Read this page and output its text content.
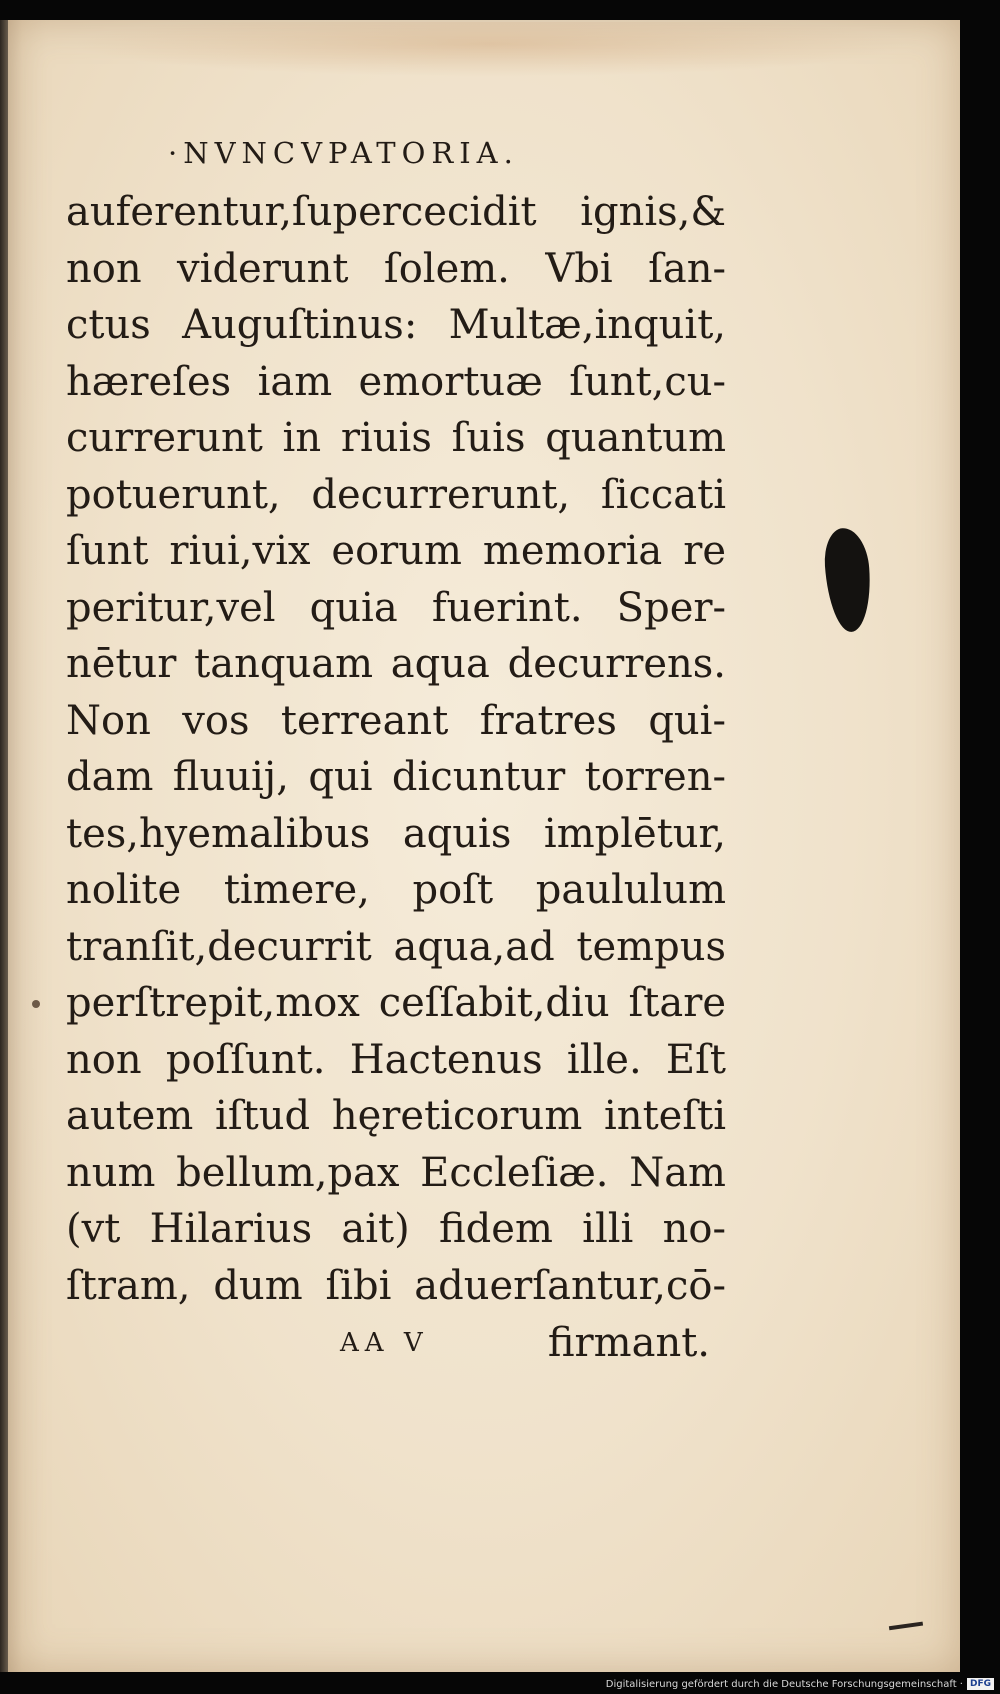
·NVNCVPATORIA.
auferentur,ſupercecidit ignis,&
non viderunt ſolem. Vbi ſan-
ctus Auguſtinus: Multæ,inquit,
hæreſes iam emortuæ ſunt,cu-
currerunt in riuis ſuis quantum
potuerunt, decurrerunt, ſiccati
ſunt riui,vix eorum memoria re
peritur,vel quia fuerint. Sper-
nētur tanquam aqua decurrens.
Non vos terreant fratres qui-
dam fluuij, qui dicuntur torren-
tes,hyemalibus aquis implētur,
nolite timere, poſt paululum
tranſit,decurrit aqua,ad tempus
perſtrepit,mox ceſſabit,diu ſtare
non poſſunt. Hactenus ille. Eſt
autem iſtud hęreticorum inteſti
num bellum,pax Eccleſiæ. Nam
(vt Hilarius ait) fidem illi no-
ſtram, dum ſibi aduerſantur,cō-
AA V	firmant.
Digitalisierung gefördert durch die Deutsche Forschungsgemeinschaft · DFG
